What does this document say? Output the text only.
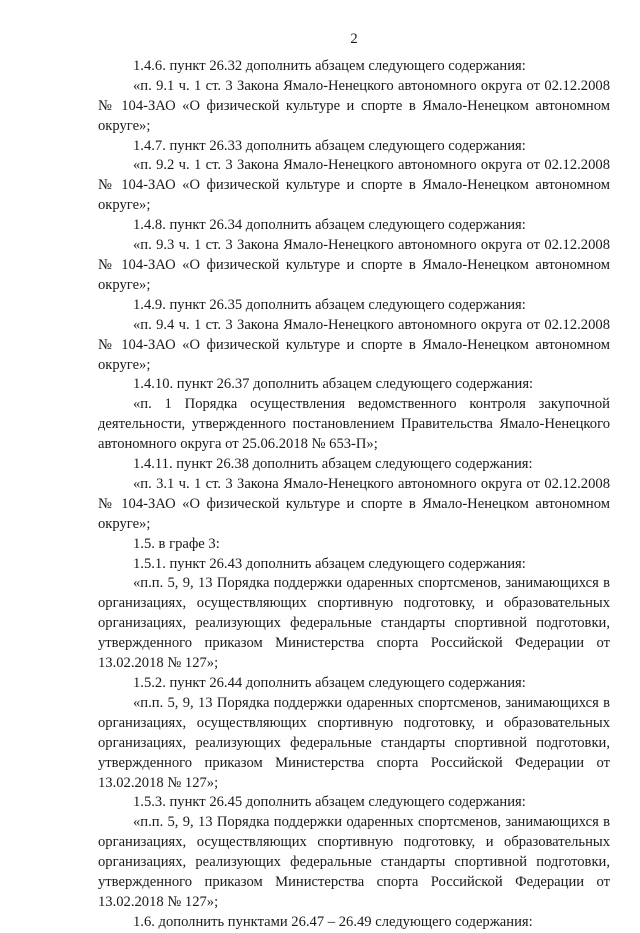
2

1.4.6. пункт 26.32 дополнить абзацем следующего содержания:

«п. 9.1 ч. 1 ст. 3 Закона Ямало-Ненецкого автономного округа от 02.12.2008 № 104-ЗАО «О физической культуре и спорте в Ямало-Ненецком автономном округе»;

1.4.7. пункт 26.33 дополнить абзацем следующего содержания:

«п. 9.2 ч. 1 ст. 3 Закона Ямало-Ненецкого автономного округа от 02.12.2008 № 104-ЗАО «О физической культуре и спорте в Ямало-Ненецком автономном округе»;

1.4.8. пункт 26.34 дополнить абзацем следующего содержания:

«п. 9.3 ч. 1 ст. 3 Закона Ямало-Ненецкого автономного округа от 02.12.2008 № 104-ЗАО «О физической культуре и спорте в Ямало-Ненецком автономном округе»;

1.4.9. пункт 26.35 дополнить абзацем следующего содержания:

«п. 9.4 ч. 1 ст. 3 Закона Ямало-Ненецкого автономного округа от 02.12.2008 № 104-ЗАО «О физической культуре и спорте в Ямало-Ненецком автономном округе»;

1.4.10. пункт 26.37 дополнить абзацем следующего содержания:

«п. 1 Порядка осуществления ведомственного контроля закупочной деятельности, утвержденного постановлением Правительства Ямало-Ненецкого автономного округа от 25.06.2018 № 653-П»;

1.4.11. пункт 26.38 дополнить абзацем следующего содержания:

«п. 3.1 ч. 1 ст. 3 Закона Ямало-Ненецкого автономного округа от 02.12.2008 № 104-ЗАО «О физической культуре и спорте в Ямало-Ненецком автономном округе»;

1.5. в графе 3:

1.5.1. пункт 26.43 дополнить абзацем следующего содержания:

«п.п. 5, 9, 13 Порядка поддержки одаренных спортсменов, занимающихся в организациях, осуществляющих спортивную подготовку, и образовательных организациях, реализующих федеральные стандарты спортивной подготовки, утвержденного приказом Министерства спорта Российской Федерации от 13.02.2018 № 127»;

1.5.2. пункт 26.44 дополнить абзацем следующего содержания:

«п.п. 5, 9, 13 Порядка поддержки одаренных спортсменов, занимающихся в организациях, осуществляющих спортивную подготовку, и образовательных организациях, реализующих федеральные стандарты спортивной подготовки, утвержденного приказом Министерства спорта Российской Федерации от 13.02.2018 № 127»;

1.5.3. пункт 26.45 дополнить абзацем следующего содержания:

«п.п. 5, 9, 13 Порядка поддержки одаренных спортсменов, занимающихся в организациях, осуществляющих спортивную подготовку, и образовательных организациях, реализующих федеральные стандарты спортивной подготовки, утвержденного приказом Министерства спорта Российской Федерации от 13.02.2018 № 127»;

1.6. дополнить пунктами 26.47 – 26.49 следующего содержания:
